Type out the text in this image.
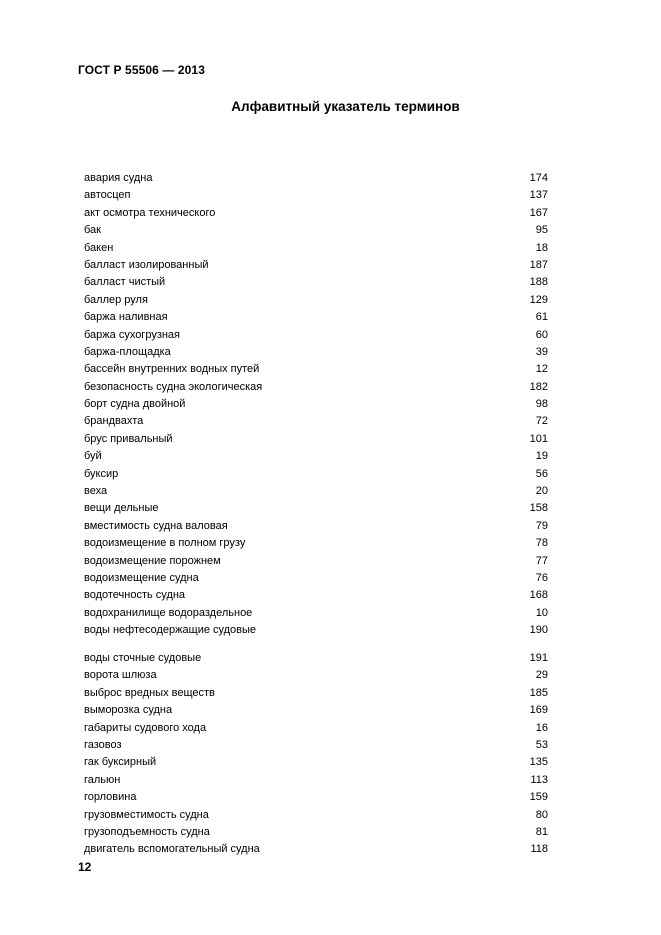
ГОСТ Р 55506 — 2013
Алфавитный указатель терминов
авария судна	174
автосцеп	137
акт осмотра технического	167
бак	95
бакен	18
балласт изолированный	187
балласт чистый	188
баллер руля	129
баржа наливная	61
баржа сухогрузная	60
баржа-площадка	39
бассейн внутренних водных путей	12
безопасность судна экологическая	182
борт судна двойной	98
брандвахта	72
брус привальный	101
буй	19
буксир	56
веха	20
вещи дельные	158
вместимость судна валовая	79
водоизмещение в полном грузу	78
водоизмещение порожнем	77
водоизмещение судна	76
водотечность судна	168
водохранилище водораздельное	10
воды нефтесодержащие судовые	190
воды сточные судовые	191
ворота шлюза	29
выброс вредных веществ	185
выморозка судна	169
габариты судового хода	16
газовоз	53
гак буксирный	135
гальюн	113
горловина	159
грузовместимость судна	80
грузоподъемность судна	81
двигатель вспомогательный судна	118
12
